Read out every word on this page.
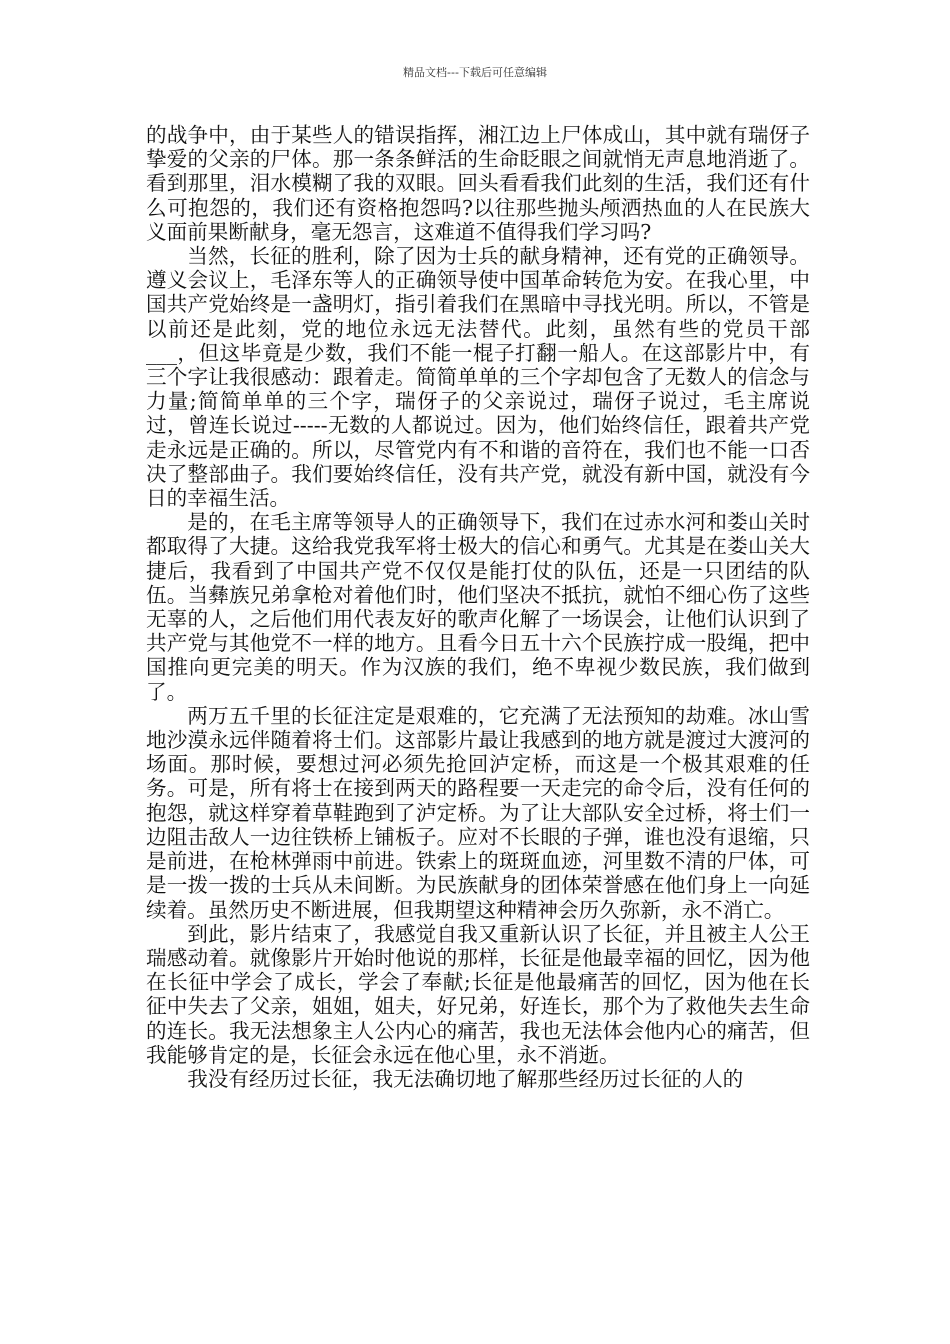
精品文档---下载后可任意编辑

的战争中，由于某些人的错误指挥，湘江边上尸体成山，其中就有瑞伢子挚爱的父亲的尸体。那一条条鲜活的生命眨眼之间就悄无声息地消逝了。看到那里，泪水模糊了我的双眼。回头看看我们此刻的生活，我们还有什么可抱怨的，我们还有资格抱怨吗?以往那些抛头颅洒热血的人在民族大义面前果断献身，毫无怨言，这难道不值得我们学习吗?

当然，长征的胜利，除了因为士兵的献身精神，还有党的正确领导。遵义会议上，毛泽东等人的正确领导使中国革命转危为安。在我心里，中国共产党始终是一盏明灯，指引着我们在黑暗中寻找光明。所以，不管是以前还是此刻，党的地位永远无法替代。此刻，虽然有些的党员干部___，但这毕竟是少数，我们不能一棍子打翻一船人。在这部影片中，有三个字让我很感动：跟着走。简简单单的三个字却包含了无数人的信念与力量;简简单单的三个字，瑞伢子的父亲说过，瑞伢子说过，毛主席说过，曾连长说过-----无数的人都说过。因为，他们始终信任，跟着共产党走永远是正确的。所以，尽管党内有不和谐的音符在，我们也不能一口否决了整部曲子。我们要始终信任，没有共产党，就没有新中国，就没有今日的幸福生活。

是的，在毛主席等领导人的正确领导下，我们在过赤水河和娄山关时都取得了大捷。这给我党我军将士极大的信心和勇气。尤其是在娄山关大捷后，我看到了中国共产党不仅仅是能打仗的队伍，还是一只团结的队伍。当彝族兄弟拿枪对着他们时，他们坚决不抵抗，就怕不细心伤了这些无辜的人，之后他们用代表友好的歌声化解了一场误会，让他们认识到了共产党与其他党不一样的地方。且看今日五十六个民族拧成一股绳，把中国推向更完美的明天。作为汉族的我们，绝不卑视少数民族，我们做到了。

两万五千里的长征注定是艰难的，它充满了无法预知的劫难。冰山雪地沙漠永远伴随着将士们。这部影片最让我感到的地方就是渡过大渡河的场面。那时候，要想过河必须先抢回泸定桥，而这是一个极其艰难的任务。可是，所有将士在接到两天的路程要一天走完的命令后，没有任何的抱怨，就这样穿着草鞋跑到了泸定桥。为了让大部队安全过桥，将士们一边阻击敌人一边往铁桥上铺板子。应对不长眼的子弹，谁也没有退缩，只是前进，在枪林弹雨中前进。铁索上的斑斑血迹，河里数不清的尸体，可是一拨一拨的士兵从未间断。为民族献身的团体荣誉感在他们身上一向延续着。虽然历史不断进展，但我期望这种精神会历久弥新，永不消亡。

到此，影片结束了，我感觉自我又重新认识了长征，并且被主人公王瑞感动着。就像影片开始时他说的那样，长征是他最幸福的回忆，因为他在长征中学会了成长，学会了奉献;长征是他最痛苦的回忆，因为他在长征中失去了父亲，姐姐，姐夫，好兄弟，好连长，那个为了救他失去生命的连长。我无法想象主人公内心的痛苦，我也无法体会他内心的痛苦，但我能够肯定的是，长征会永远在他心里，永不消逝。

我没有经历过长征，我无法确切地了解那些经历过长征的人的
